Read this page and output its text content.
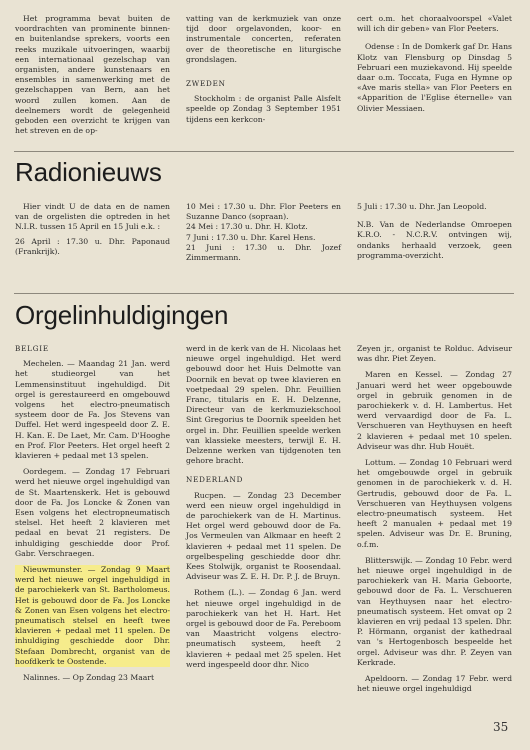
Het programma bevat buiten de voordrachten van prominente binnen- en buitenlandse sprekers, voorts een reeks muzikale uitvoeringen, waarbij een internationaal gezelschap van organisten, andere kunstenaars en ensembles in samenwerking met de gezelschappen van Bern, aan het woord zullen komen. Aan de deelnemers wordt de gelegenheid geboden een overzicht te krijgen van het streven en de op-

vatting van de kerkmuziek van onze tijd door orgelavonden, koor- en instrumentale concerten, referaten over de theoretische en liturgische grondslagen.

ZWEDEN

Stockholm : de organist Palle Alsfelt speelde op Zondag 3 September 1951 tijdens een kerkcon-

cert o.m. het choraalvoorspel «Valet will ich dir geben» van Flor Peeters.

Odense : In de Domkerk gaf Dr. Hans Klotz van Flensburg op Dinsdag 5 Februari een muziekavond. Hij speelde daar o.m. Toccata, Fuga en Hymne op «Ave maris stella» van Flor Peeters en «Apparition de l'Eglise éternelle» van Olivier Messiaen.

Radionieuws

Hier vindt U de data en de namen van de orgelisten die optreden in het N.I.R. tussen 15 April en 15 Juli e.k. :

26 April : 17.30 u. Dhr. Paponaud (Frankrijk).

10 Mei : 17.30 u. Dhr. Flor Peeters en Suzanne Danco (sopraan).

24 Mei : 17.30 u. Dhr. H. Klotz.

7 Juni : 17.30 u. Dhr. Karel Hens.

21 Juni : 17.30 u. Dhr. Jozef Zimmermann.

5 Juli : 17.30 u. Dhr. Jan Leopold.

N.B. Van de Nederlandse Omroepen K.R.O. - N.C.R.V. ontvingen wij, ondanks herhaald verzoek, geen programma-overzicht.

Orgelinhuldigingen
BELGIE

Mechelen. — Maandag 21 Jan. werd het studieorgel van het Lemmensinstituut ingehuldigd. Dit orgel is gerestaureerd en omgebouwd volgens het electro-pneumatisch systeem door de Fa. Jos Stevens van Duffel. Het werd ingespeeld door Z. E. H. Kan. E. De Laet, Mr. Cam. D'Hooghe en Prof. Flor Peeters. Het orgel heeft 2 klavieren + pedaal met 13 spelen.

Oordegem. — Zondag 17 Februari werd het nieuwe orgel ingehuldigd van de St. Maartenskerk. Het is gebouwd door de Fa. Jos Loncke & Zonen van Esen volgens het electropneumatisch stelsel. Het heeft 2 klavieren met pedaal en bevat 21 registers. De inhuldiging geschiedde door Prof. Gabr. Verschraegen.

Nieuwmunster. — Zondag 9 Maart werd het nieuwe orgel ingehuldigd in de parochiekerk van St. Bartholomeus. Het is gebouwd door de Fa. Jos Loncke & Zonen van Esen volgens het electro-pneumatisch stelsel en heeft twee klavieren + pedaal met 11 spelen. De inhuldiging geschiedde door Dhr. Stefaan Dombrecht, organist van de hoofdkerk te Oostende.

Nalinnes. — Op Zondag 23 Maart

werd in de kerk van de H. Nicolaas het nieuwe orgel ingehuldigd. Het werd gebouwd door het Huis Delmotte van Doornik en bevat op twee klavieren en voetpedaal 29 spelen. Dhr. Feuillien Franc, titularis en E. H. Delzenne, Directeur van de kerkmuziekschool Sint Gregorius te Doornik speelden het orgel in. Dhr. Feuillien speelde werken van klassieke meesters, terwijl E. H. Delzenne werken van tijdgenoten ten gehore bracht.

NEDERLAND

Rucpen. — Zondag 23 December werd een nieuw orgel ingehuldigd in de parochiekerk van de H. Martinus. Het orgel werd gebouwd door de Fa. Jos Vermeulen van Alkmaar en heeft 2 klavieren + pedaal met 11 spelen. De orgelbespeling geschiedde door dhr. Kees Stolwijk, organist te Roosendaal. Adviseur was Z. E. H. Dr. P. J. de Bruyn.

Rothem (L.). — Zondag 6 Jan. werd het nieuwe orgel ingehuldigd in de parochiekerk van het H. Hart. Het orgel is gebouwd door de Fa. Pereboom van Maastricht volgens electro-pneumatisch systeem, heeft 2 klavieren + pedaal met 25 spelen. Het werd ingespeeld door dhr. Nico

Zeyen jr., organist te Rolduc. Adviseur was dhr. Piet Zeyen.

Maren en Kessel. — Zondag 27 Januari werd het weer opgebouwde orgel in gebruik genomen in de parochiekerk v. d. H. Lambertus. Het werd vervaardigd door de Fa. L. Verschueren van Heythuysen en heeft 2 klavieren + pedaal met 10 spelen. Adviseur was dhr. Hub Houët.

Lottum. — Zondag 10 Februari werd het omgebouwde orgel in gebruik genomen in de parochiekerk v. d. H. Gertrudis, gebouwd door de Fa. L. Verschueren van Heythuysen volgens electro-pneumatisch systeem. Het heeft 2 manualen + pedaal met 19 spelen. Adviseur was Dr. E. Bruning, o.f.m.

Blitterswijk. — Zondag 10 Febr. werd het nieuwe orgel ingehuldigd in de parochiekerk van H. Maria Geboorte, gebouwd door de Fa. L. Verschueren van Heythuysen naar het electro-pneumatisch systeem. Het omvat op 2 klavieren en vrij pedaal 13 spelen. Dhr. P. Hörmann, organist der kathedraal van 's Hertogenbosch bespeelde het orgel. Adviseur was dhr. P. Zeyen van Kerkrade.

Apeldoorn. — Zondag 17 Febr. werd het nieuwe orgel ingehuldigd

35
